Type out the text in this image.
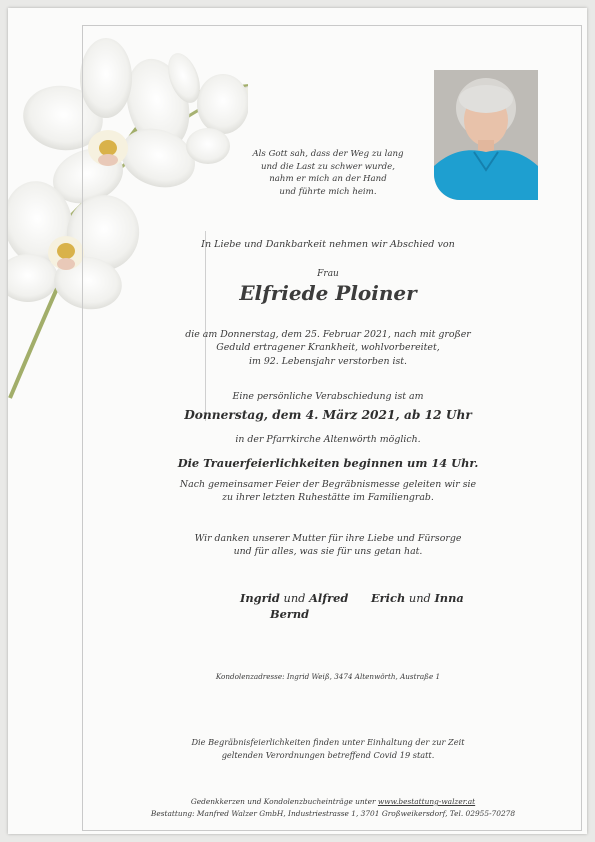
Als Gott sah, dass der Weg zu lang
und die Last zu schwer wurde,
nahm er mich an der Hand
und führte mich heim.
In Liebe und Dankbarkeit nehmen wir Abschied von
Frau
Elfriede Ploiner
die am Donnerstag, dem 25. Februar 2021, nach mit großer
Geduld ertragener Krankheit, wohlvorbereitet,
im 92. Lebensjahr verstorben ist.
Eine persönliche Verabschiedung ist am
Donnerstag, dem 4. März 2021, ab 12 Uhr
in der Pfarrkirche Altenwörth möglich.
Die Trauerfeierlichkeiten beginnen um 14 Uhr.
Nach gemeinsamer Feier der Begräbnismesse geleiten wir sie
zu ihrer letzten Ruhestätte im Familiengrab.
Wir danken unserer Mutter für ihre Liebe und Fürsorge
und für alles, was sie für uns getan hat.
Ingrid und Alfred Erich und Inna
Bernd
Kondolenzadresse: Ingrid Weiß, 3474 Altenwörth, Austraße 1
Die Begräbnisfeierlichkeiten finden unter Einhaltung der zur Zeit
geltenden Verordnungen betreffend Covid 19 statt.
Gedenkkerzen und Kondolenzbucheinträge unter www.bestattung-walzer.at
Bestattung: Manfred Walzer GmbH, Industriestrasse 1, 3701 Großweikersdorf, Tel. 02955-70278
